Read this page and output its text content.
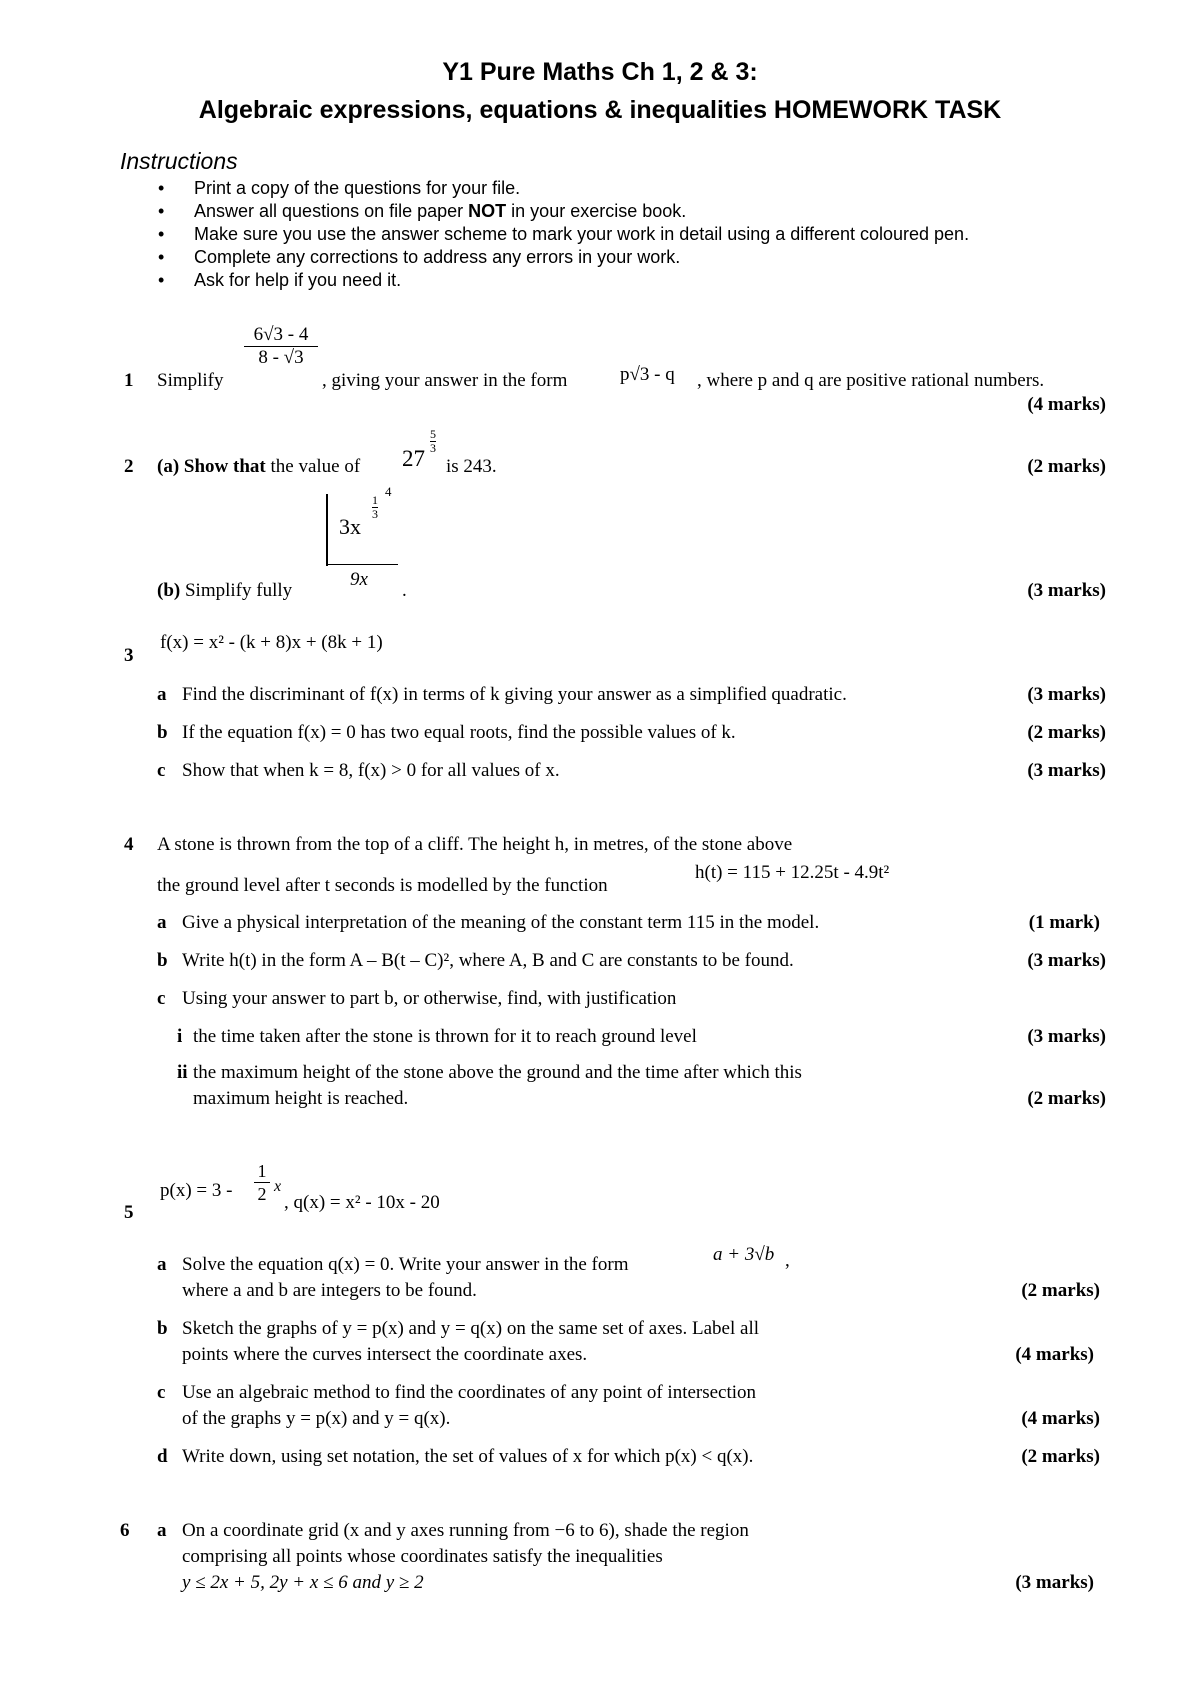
Y1 Pure Maths Ch 1, 2 & 3:
Algebraic expressions, equations & inequalities HOMEWORK TASK
Instructions
• Print a copy of the questions for your file.
• Answer all questions on file paper NOT in your exercise book.
• Make sure you use the answer scheme to mark your work in detail using a different coloured pen.
• Complete any corrections to address any errors in your work.
• Ask for help if you need it.
1 Simplify
$\frac{6√3 - 4}{8 - √3}$
, giving your answer in the form	p√3 - q , where p and q are positive rational numbers.
(4 marks)
2 (a) Show that the value of 27
$\frac{5}{3}$
is 243.	(2 marks)
(b) Simplify fully
3x
$\frac{1}{3}$
4
9x
.	(3 marks)
f(x) = x² - (k + 8)x + (8k + 1)
3
a Find the discriminant of f(x) in terms of k giving your answer as a simplified quadratic.	(3 marks)
b If the equation f(x) = 0 has two equal roots, find the possible values of k.	(2 marks)
c Show that when k = 8, f(x) > 0 for all values of x.	(3 marks)
4 A stone is thrown from the top of a cliff. The height h, in metres, of the stone above
the ground level after t seconds is modelled by the function
h(t) = 115 + 12.25t - 4.9t²
a Give a physical interpretation of the meaning of the constant term 115 in the model.	(1 mark)
b Write h(t) in the form A – B(t – C)², where A, B and C are constants to be found.	(3 marks)
c Using your answer to part b, or otherwise, find, with justification
i the time taken after the stone is thrown for it to reach ground level	(3 marks)
ii the maximum height of the stone above the ground and the time after which this
maximum height is reached.	(2 marks)
$p(x) = 3 - \frac{1}{2}$ x
, q(x) = x² - 10x - 20
5
a Solve the equation q(x) = 0. Write your answer in the form	a + 3√b ,
where a and b are integers to be found.	(2 marks)
b Sketch the graphs of y = p(x) and y = q(x) on the same set of axes. Label all
points where the curves intersect the coordinate axes.	(4 marks)
c Use an algebraic method to find the coordinates of any point of intersection
of the graphs y = p(x) and y = q(x).	(4 marks)
d Write down, using set notation, the set of values of x for which p(x) < q(x).	(2 marks)
6 a On a coordinate grid (x and y axes running from −6 to 6), shade the region
comprising all points whose coordinates satisfy the inequalities
y ≤ 2x + 5, 2y + x ≤ 6 and y ≥ 2	(3 marks)
